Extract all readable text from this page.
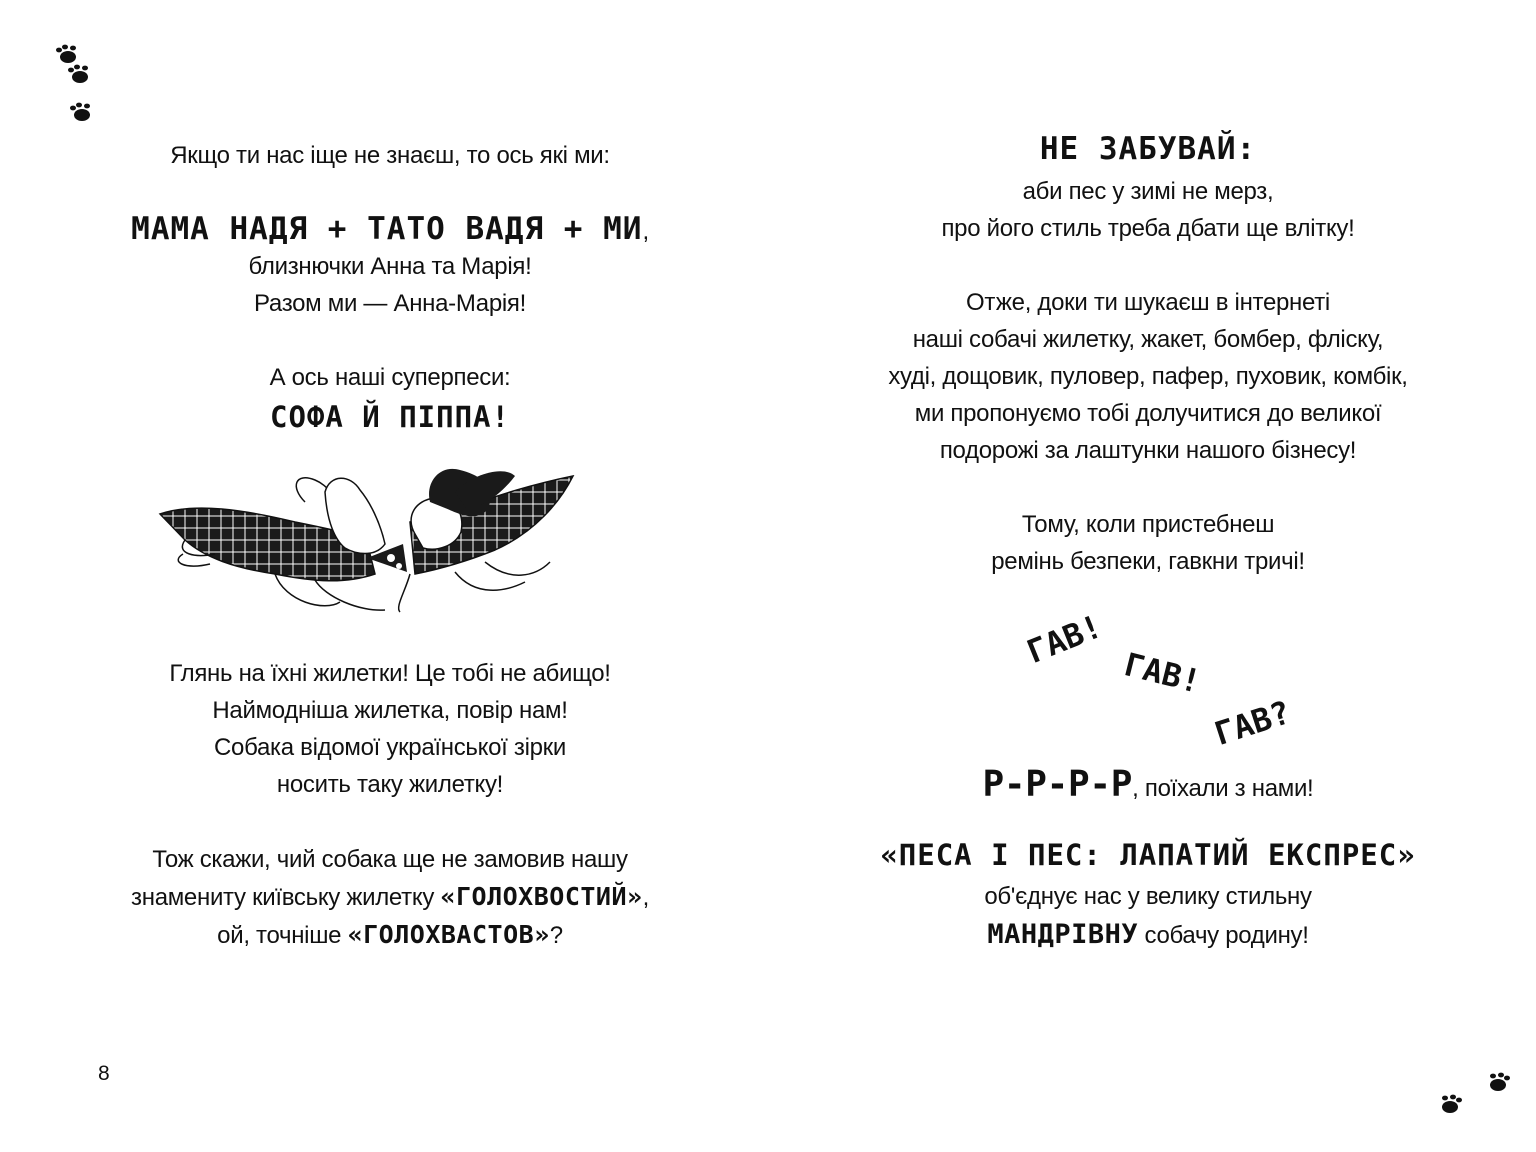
Якщо ти нас іще не знаєш, то ось які ми:
МАМА НАДЯ + ТАТО ВАДЯ + МИ,
близнючки Анна та Марія!
Разом ми — Анна-Марія!
А ось наші суперпеси:
СОФА Й ПІППА!
Глянь на їхні жилетки! Це тобі не абищо!
Наймодніша жилетка, повір нам!
Собака відомої української зірки
носить таку жилетку!
Тож скажи, чий собака ще не замовив нашу
знамениту київську жилетку «ГОЛОХВОСТИЙ»,
ой, точніше «ГОЛОХВАСТОВ»?
8
НЕ ЗАБУВАЙ:
аби пес у зимі не мерз,
про його стиль треба дбати ще влітку!
Отже, доки ти шукаєш в інтернеті
наші собачі жилетку, жакет, бомбер, фліску,
худі, дощовик, пуловер, пафер, пуховик, комбік,
ми пропонуємо тобі долучитися до великої
подорожі за лаштунки нашого бізнесу!
Тому, коли пристебнеш
ремінь безпеки, гавкни тричі!
ГАВ!
ГАВ!
ГАВ?
Р-Р-Р-Р, поїхали з нами!
«ПЕСА І ПЕС: ЛАПАТИЙ ЕКСПРЕС»
об'єднує нас у велику стильну
МАНДРІВНУ собачу родину!
